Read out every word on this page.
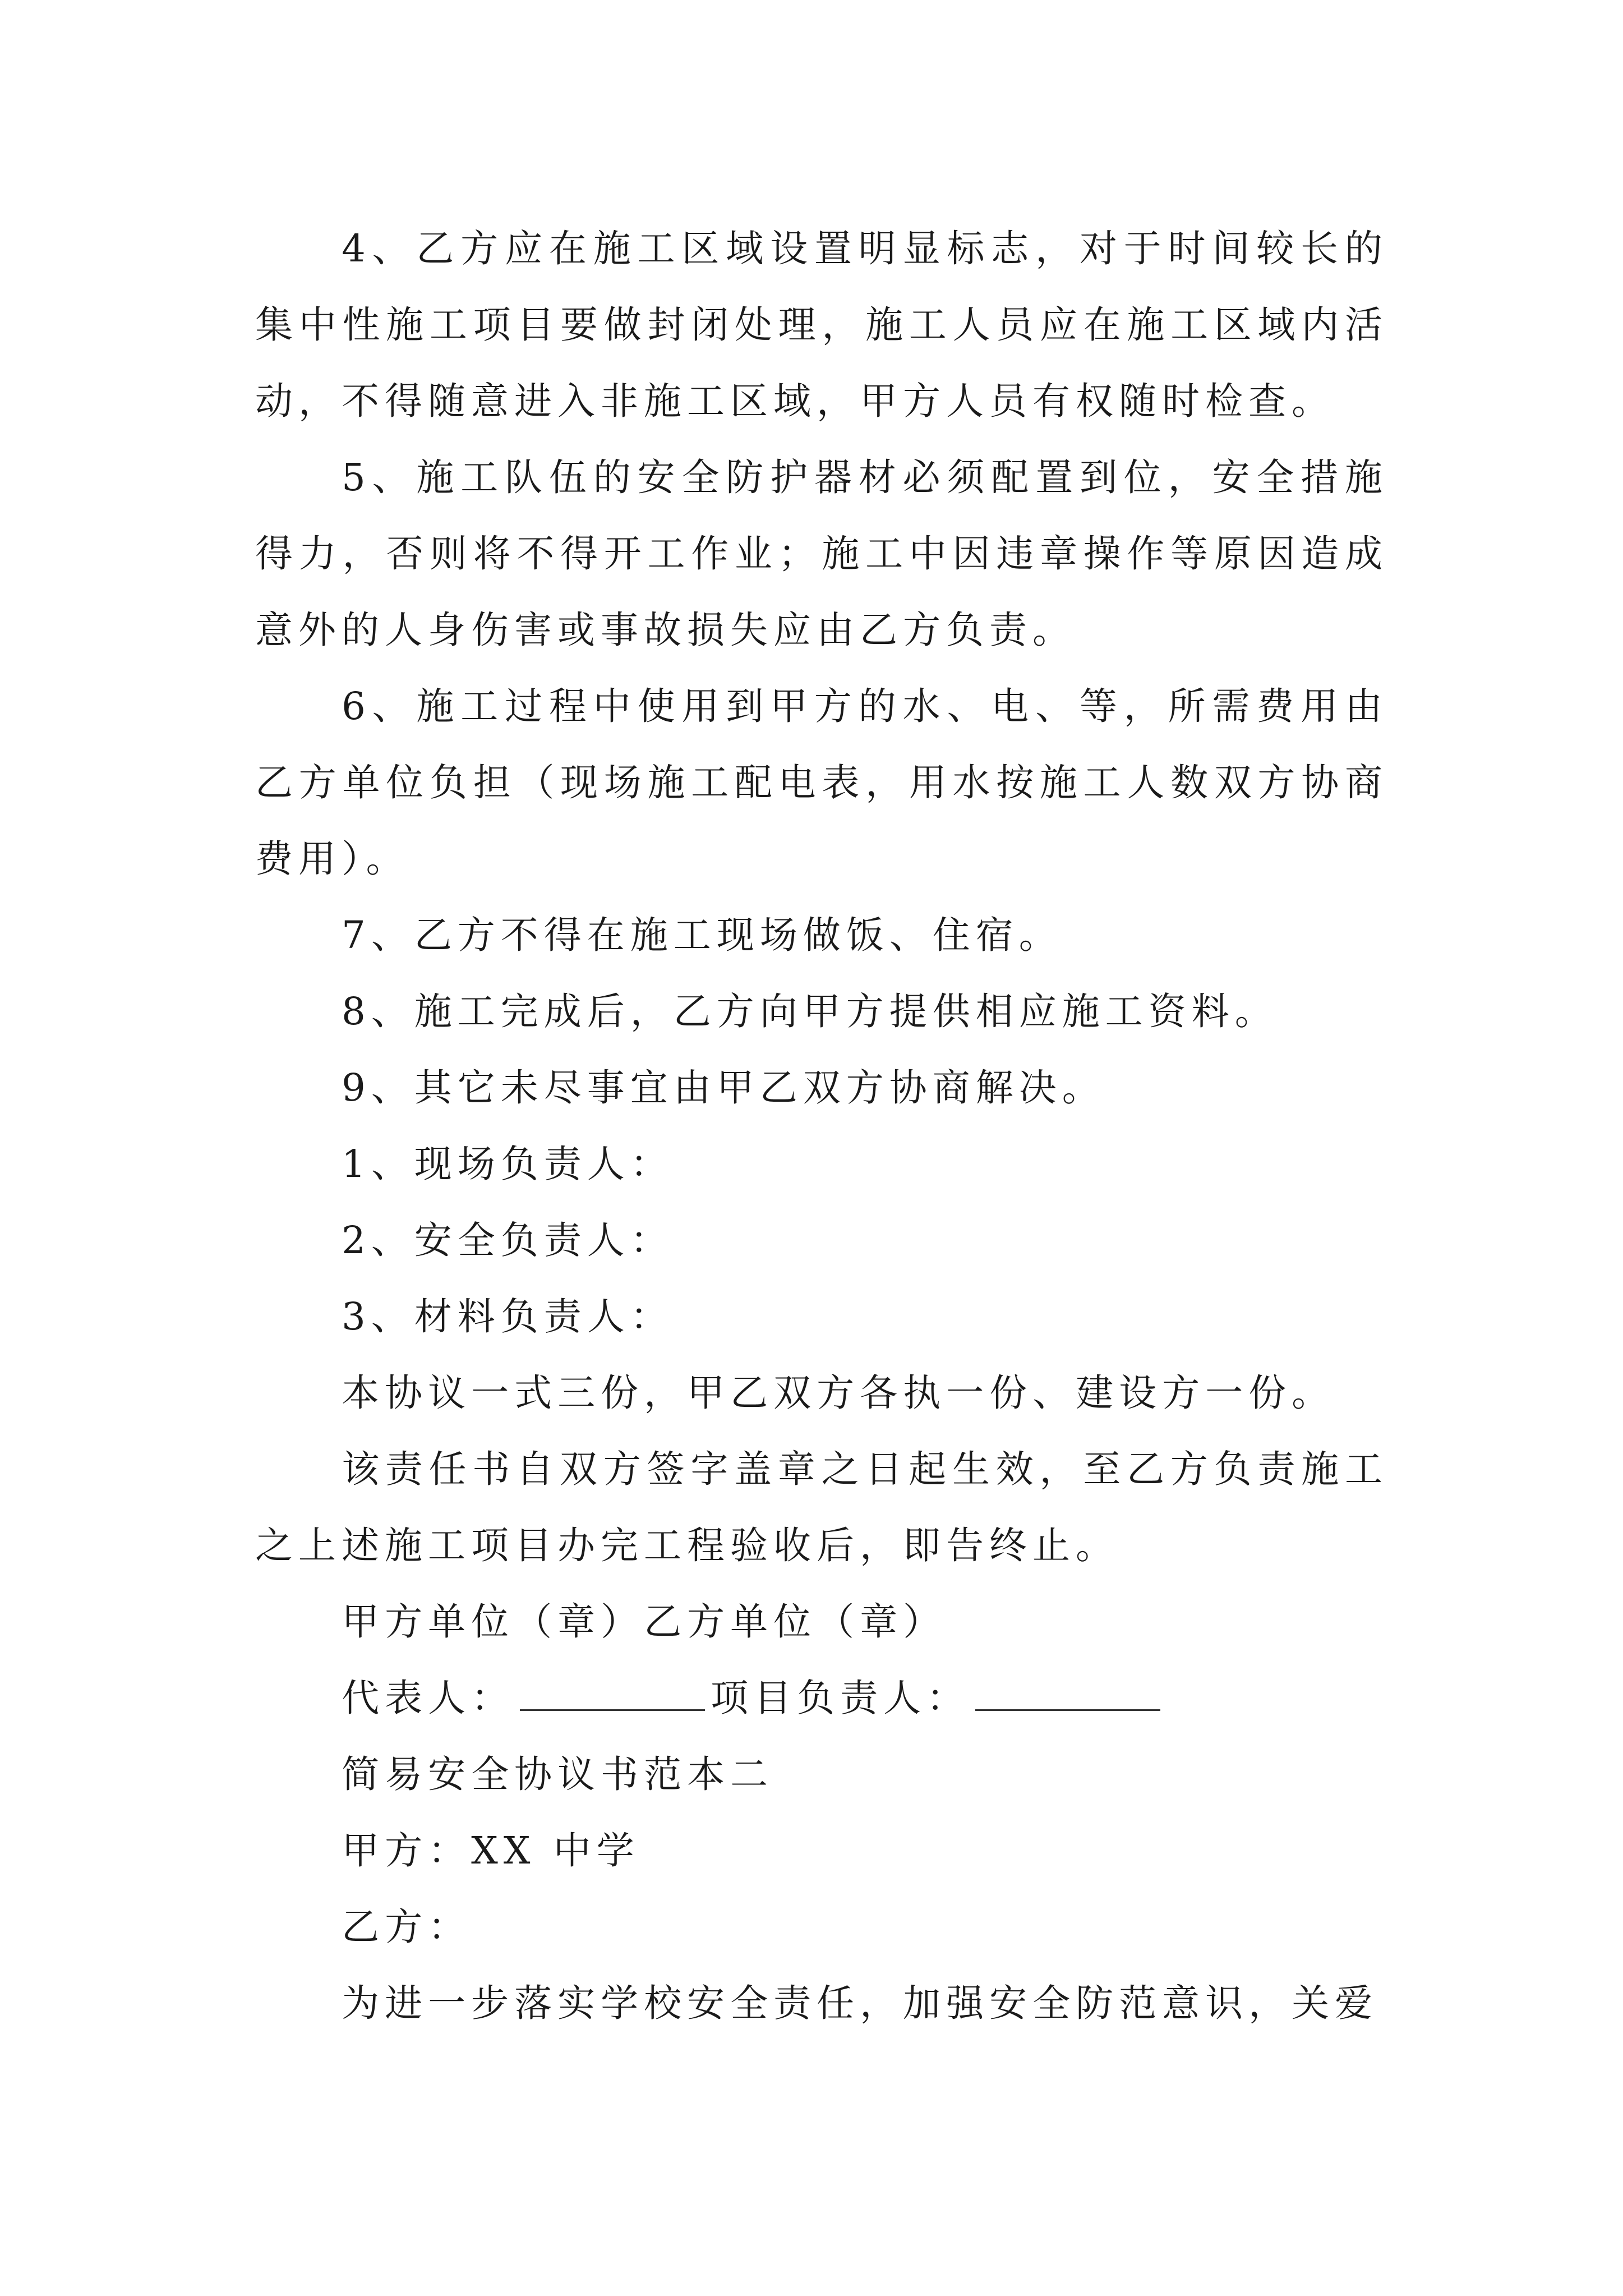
4、乙方应在施工区域设置明显标志，对于时间较长的集中性施工项目要做封闭处理，施工人员应在施工区域内活动，不得随意进入非施工区域，甲方人员有权随时检查。

5、施工队伍的安全防护器材必须配置到位，安全措施得力，否则将不得开工作业；施工中因违章操作等原因造成意外的人身伤害或事故损失应由乙方负责。

6、施工过程中使用到甲方的水、电、等，所需费用由乙方单位负担（现场施工配电表，用水按施工人数双方协商费用）。

7、乙方不得在施工现场做饭、住宿。

8、施工完成后，乙方向甲方提供相应施工资料。

9、其它未尽事宜由甲乙双方协商解决。

1、现场负责人：

2、安全负责人：

3、材料负责人：

本协议一式三份，甲乙双方各执一份、建设方一份。

该责任书自双方签字盖章之日起生效，至乙方负责施工之上述施工项目办完工程验收后，即告终止。

甲方单位（章）乙方单位（章）

代表人：	项目负责人：

简易安全协议书范本二

甲方：XX 中学

乙方：

为进一步落实学校安全责任，加强安全防范意识，关爱
